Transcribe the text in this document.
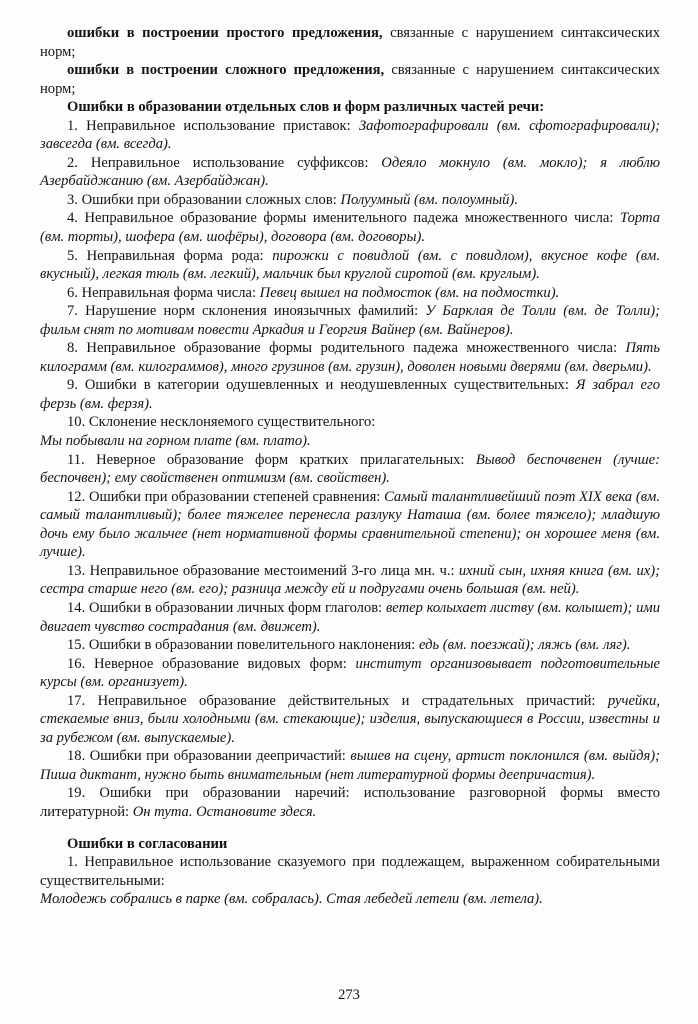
ошибки в построении простого предложения, связанные с нарушением синтаксических норм;

ошибки в построении сложного предложения, связанные с нарушением синтаксических норм;

Ошибки в образовании отдельных слов и форм различных частей речи:

1. Неправильное использование приставок: Зафотографировали (вм. сфотографировали); завсегда (вм. всегда).

2. Неправильное использование суффиксов: Одеяло мокнуло (вм. мокло); я люблю Азербайджанию (вм. Азербайджан).

3. Ошибки при образовании сложных слов: Полуумный (вм. полоумный).

4. Неправильное образование формы именительного падежа множественного числа: Торта (вм. торты), шофера (вм. шофёры), договора (вм. договоры).

5. Неправильная форма рода: пирожки с повидлой (вм. с повидлом), вкусное кофе (вм. вкусный), легкая тюль (вм. легкий), мальчик был круглой сиротой (вм. круглым).

6. Неправильная форма числа: Певец вышел на подмосток (вм. на подмостки).

7. Нарушение норм склонения иноязычных фамилий: У Барклая де Толли (вм. де Толли); фильм снят по мотивам повести Аркадия и Георгия Вайнер (вм. Вайнеров).

8. Неправильное образование формы родительного падежа множественного числа: Пять килограмм (вм. килограммов), много грузинов (вм. грузин), доволен новыми дверями (вм. дверьми).

9. Ошибки в категории одушевленных и неодушевленных существительных: Я забрал его ферзь (вм. ферзя).

10. Склонение несклоняемого существительного:

Мы побывали на горном плате (вм. плато).

11. Неверное образование форм кратких прилагательных: Вывод беспочвенен (лучше: беспочвен); ему свойственен оптимизм (вм. свойствен).

12. Ошибки при образовании степеней сравнения: Самый талантливейший поэт XIX века (вм. самый талантливый); более тяжелее перенесла разлуку Наташа (вм. более тяжело); младшую дочь ему было жальчее (нет нормативной формы сравнительной степени); он хорошее меня (вм. лучше).

13. Неправильное образование местоимений 3-го лица мн. ч.: ихний сын, ихняя книга (вм. их); сестра старше него (вм. его); разница между ей и подругами очень большая (вм. ней).

14. Ошибки в образовании личных форм глаголов: ветер колыхает листву (вм. колышет); ими двигает чувство сострадания (вм. движет).

15. Ошибки в образовании повелительного наклонения: едь (вм. поезжай); ляжь (вм. ляг).

16. Неверное образование видовых форм: институт организовывает подготовительные курсы (вм. организует).

17. Неправильное образование действительных и страдательных причастий: ручейки, стекаемые вниз, были холодными (вм. стекающие); изделия, выпускающиеся в России, известны и за рубежом (вм. выпускаемые).

18. Ошибки при образовании деепричастий: вышев на сцену, артист поклонился (вм. выйдя); Пиша диктант, нужно быть внимательным (нет литературной формы деепричастия).

19. Ошибки при образовании наречий: использование разговорной формы вместо литературной: Он тута. Остановите здеся.

Ошибки в согласовании

1. Неправильное использование сказуемого при подлежащем, выраженном собирательными существительными:

Молодежь собрались в парке (вм. собралась). Стая лебедей летели (вм. летела).

273
